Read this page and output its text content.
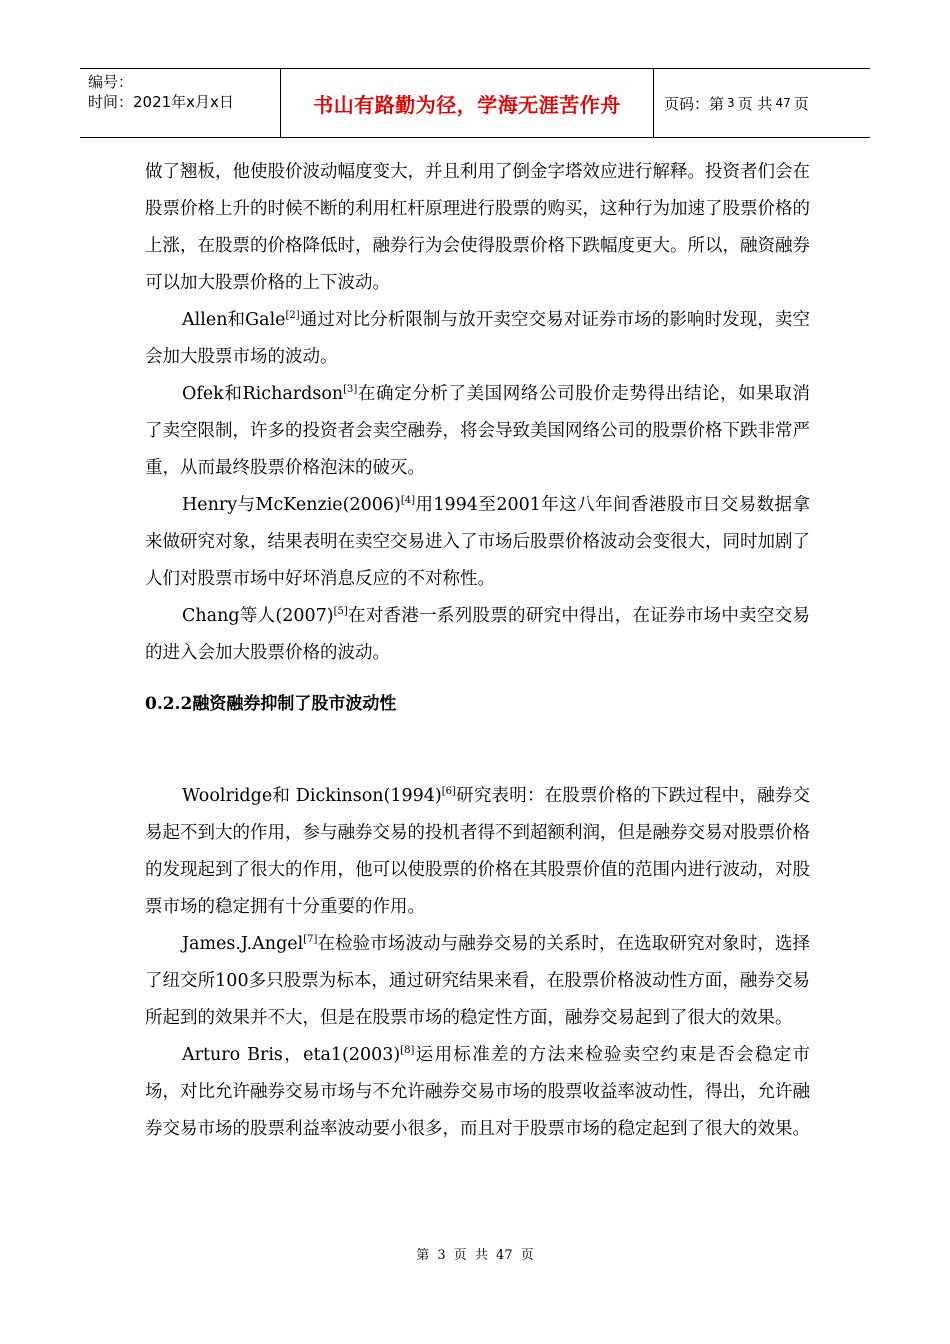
编号：
时间：2021年x月x日	书山有路勤为径，学海无涯苦作舟	页码：第 3 页 共 47 页

做了翘板，他使股价波动幅度变大，并且利用了倒金字塔效应进行解释。投资者们会在股票价格上升的时候不断的利用杠杆原理进行股票的购买，这种行为加速了股票价格的上涨，在股票的价格降低时，融券行为会使得股票价格下跌幅度更大。所以，融资融券可以加大股票价格的上下波动。

Allen和Gale[2]通过对比分析限制与放开卖空交易对证券市场的影响时发现，卖空会加大股票市场的波动。

Ofek和Richardson[3]在确定分析了美国网络公司股价走势得出结论，如果取消了卖空限制，许多的投资者会卖空融券，将会导致美国网络公司的股票价格下跌非常严重，从而最终股票价格泡沫的破灭。

Henry与McKenzie(2006)[4]用1994至2001年这八年间香港股市日交易数据拿来做研究对象，结果表明在卖空交易进入了市场后股票价格波动会变很大，同时加剧了人们对股票市场中好坏消息反应的不对称性。

Chang等人(2007)[5]在对香港一系列股票的研究中得出，在证券市场中卖空交易的进入会加大股票价格的波动。

0.2.2融资融券抑制了股市波动性

Woolridge和 Dickinson(1994)[6]研究表明：在股票价格的下跌过程中，融券交易起不到大的作用，参与融券交易的投机者得不到超额利润，但是融券交易对股票价格的发现起到了很大的作用，他可以使股票的价格在其股票价值的范围内进行波动，对股票市场的稳定拥有十分重要的作用。

James.J.Angel[7]在检验市场波动与融券交易的关系时，在选取研究对象时，选择了纽交所100多只股票为标本，通过研究结果来看，在股票价格波动性方面，融券交易所起到的效果并不大，但是在股票市场的稳定性方面，融券交易起到了很大的效果。

Arturo Bris，eta1(2003)[8]运用标准差的方法来检验卖空约束是否会稳定市场，对比允许融券交易市场与不允许融券交易市场的股票收益率波动性，得出，允许融券交易市场的股票利益率波动要小很多，而且对于股票市场的稳定起到了很大的效果。

第 3 页 共 47 页
